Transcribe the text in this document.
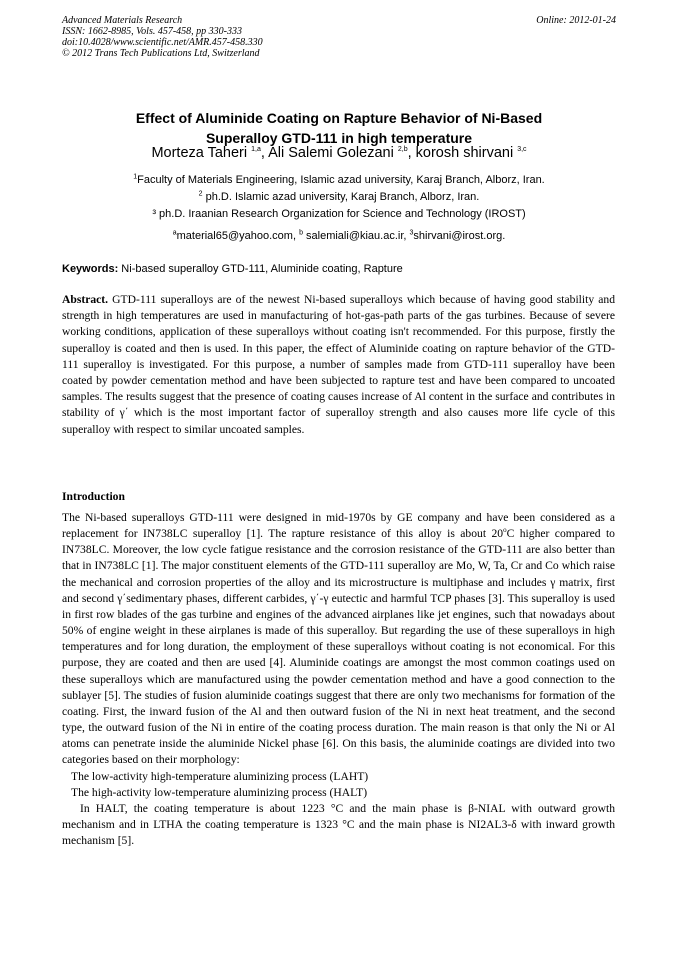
Advanced Materials Research
ISSN: 1662-8985, Vols. 457-458, pp 330-333
doi:10.4028/www.scientific.net/AMR.457-458.330
© 2012 Trans Tech Publications Ltd, Switzerland
Online: 2012-01-24
Effect of Aluminide Coating on Rapture Behavior of Ni-Based
Superalloy GTD-111 in high temperature
Morteza Taheri $^{1,a}$, Ali Salemi Golezani $^{2,b}$, korosh shirvani $^{3,c}$
$^1$Faculty of Materials Engineering, Islamic azad university, Karaj Branch, Alborz, Iran.
$^2$ ph.D. Islamic azad university, Karaj Branch, Alborz, Iran.
³ ph.D. Iraanian Research Organization for Science and Technology (IROST)
$^a$material65@yahoo.com, $^b$ salemiali@kiau.ac.ir, $^3$shirvani@irost.org.
Keywords: Ni-based superalloy GTD-111, Aluminide coating, Rapture
Abstract. GTD-111 superalloys are of the newest Ni-based superalloys which because of having good stability and strength in high temperatures are used in manufacturing of hot-gas-path parts of the gas turbines. Because of severe working conditions, application of these superalloys without coating isn't recommended. For this purpose, firstly the superalloy is coated and then is used. In this paper, the effect of Aluminide coating on rapture behavior of the GTD-111 superalloy is investigated. For this purpose, a number of samples made from GTD-111 superalloy have been coated by powder cementation method and have been subjected to rapture test and have been compared to uncoated samples. The results suggest that the presence of coating causes increase of Al content in the surface and contributes in stability of γ΄ which is the most important factor of superalloy strength and also causes more life cycle of this superalloy with respect to similar uncoated samples.
Introduction

The Ni-based superalloys GTD-111 were designed in mid-1970s by GE company and have been considered as a replacement for IN738LC superalloy [1]. The rapture resistance of this alloy is about 20$^o$C higher compared to IN738LC. Moreover, the low cycle fatigue resistance and the corrosion resistance of the GTD-111 are also better than that in IN738LC [1]. The major constituent elements of the GTD-111 superalloy are Mo, W, Ta, Cr and Co which raise the mechanical and corrosion properties of the alloy and its microstructure is multiphase and includes γ matrix, first and second γ΄sedimentary phases, different carbides, γ΄-γ eutectic and harmful TCP phases [3]. This superalloy is used in first row blades of the gas turbine and engines of the advanced airplanes like jet engines, such that nowadays about 50% of engine weight in these airplanes is made of this superalloy. But regarding the use of these superalloys in high temperatures and for long duration, the employment of these superalloys without coating is not economical. For this purpose, they are coated and then are used [4]. Aluminide coatings are amongst the most common coatings used on these superalloys which are manufactured using the powder cementation method and have a good connection to the sublayer [5]. The studies of fusion aluminide coatings suggest that there are only two mechanisms for formation of the coating. First, the inward fusion of the Al and then outward fusion of the Ni in next heat treatment, and the second type, the outward fusion of the Ni in entire of the coating process duration. The main reason is that only the Ni or Al atoms can penetrate inside the aluminide Nickel phase [6]. On this basis, the aluminide coatings are divided into two categories based on their morphology:

The low-activity high-temperature aluminizing process (LAHT)

The high-activity low-temperature aluminizing process (HALT)

In HALT, the coating temperature is about 1223 °C and the main phase is β-NIAL with outward growth mechanism and in LTHA the coating temperature is 1323 °C and the main phase is NI2AL3-δ with inward growth mechanism [5].
